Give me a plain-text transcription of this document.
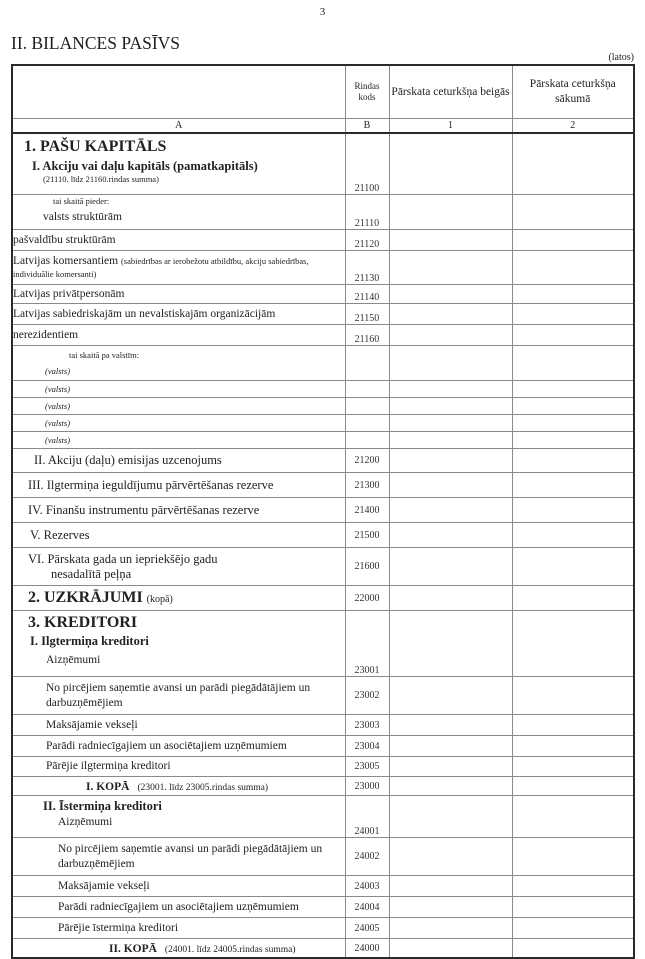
3
II. BILANCES PASĪVS
(latos)
	Rindas kods	Pārskata ceturkšņa beigās	Pārskata ceturkšņa sākumā
A	B	1	2

1. PAŠU KAPITĀLS
I. Akciju vai daļu kapitāls (pamatkapitāls)
(21110. līdz 21160.rindas summa)	21100		

tai skaitā pieder:
valsts struktūrām	21110		
pašvaldību struktūrām	21120		
Latvijas komersantiem (sabiedrības ar ierobežotu atbildību, akciju sabiedrības, individuālie komersanti)	21130		
Latvijas privātpersonām	21140		
Latvijas sabiedriskajām un nevalstiskajām organizācijām	21150		
nerezidentiem	21160		

tai skaitā pa valstīm:
(valsts)			

(valsts)			
(valsts)			
(valsts)			
(valsts)			
II. Akciju (daļu) emisijas uzcenojums	21200		
III. Ilgtermiņa ieguldījumu pārvērtēšanas rezerve	21300		
IV. Finanšu instrumentu pārvērtēšanas rezerve	21400		
V. Rezerves	21500		

VI. Pārskata gada un iepriekšējo gadu
nesadalītā peļņa	21600		
2. UZKRĀJUMI (kopā)	22000		

3. KREDITORI
I. Ilgtermiņa kreditori
Aizņēmumi	23001		
No pircējiem saņemtie avansi un parādi piegādātājiem un darbuzņēmējiem	23002		
Maksājamie vekseļi	23003		
Parādi radniecīgajiem un asociētajiem uzņēmumiem	23004		
Pārējie ilgtermiņa kreditori	23005		
I. KOPĀ (23001. līdz 23005.rindas summa)	23000		

II. Īstermiņa kreditori
Aizņēmumi	24001		
No pircējiem saņemtie avansi un parādi piegādātājiem un darbuzņēmējiem	24002		
Maksājamie vekseļi	24003		
Parādi radniecīgajiem un asociētajiem uzņēmumiem	24004		
Pārējie īstermiņa kreditori	24005		
II. KOPĀ (24001. līdz 24005.rindas summa)	24000		
